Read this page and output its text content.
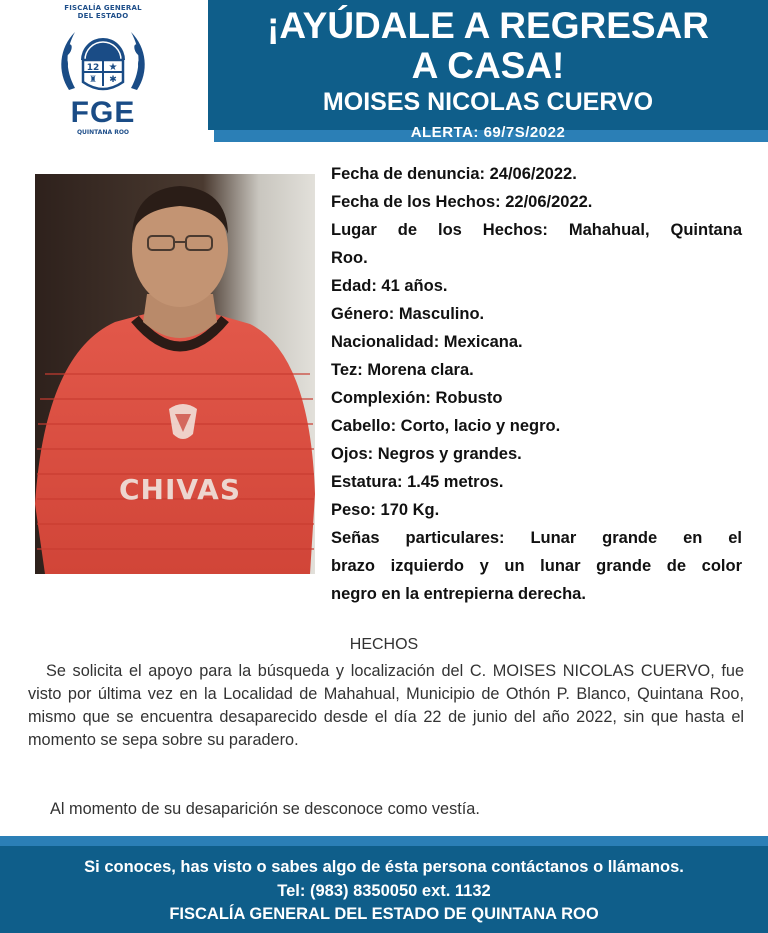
FISCALÍA GENERAL
DEL ESTADO
12 ★
♜ ✱
FGE
QUINTANA ROO
¡AYÚDALE A REGRESAR
A CASA!
MOISES NICOLAS CUERVO
ALERTA: 69/7S/2022
CHIVAS

Fecha de denuncia: 24/06/2022.

Fecha de los Hechos: 22/06/2022.

Lugar de los Hechos: Mahahual, Quintana

Roo.

Edad: 41 años.

Género: Masculino.

Nacionalidad: Mexicana.

Tez: Morena clara.

Complexión: Robusto

Cabello: Corto, lacio y negro.

Ojos: Negros y grandes.

Estatura: 1.45 metros.

Peso: 170 Kg.

Señas particulares: Lunar grande en el

brazo izquierdo y un lunar grande de color

negro en la entrepierna derecha.

HECHOS

Se solicita el apoyo para la búsqueda y localización del C. MOISES NICOLAS CUERVO, fue visto por última vez en la Localidad de Mahahual, Municipio de Othón P. Blanco, Quintana Roo, mismo que se encuentra desaparecido desde el día 22 de junio del año 2022, sin que hasta el momento se sepa sobre su paradero.

Al momento de su desaparición se desconoce como vestía.
Si conoces, has visto o sabes algo de ésta persona contáctanos o llámanos.
Tel: (983) 8350050 ext. 1132
FISCALÍA GENERAL DEL ESTADO DE QUINTANA ROO
